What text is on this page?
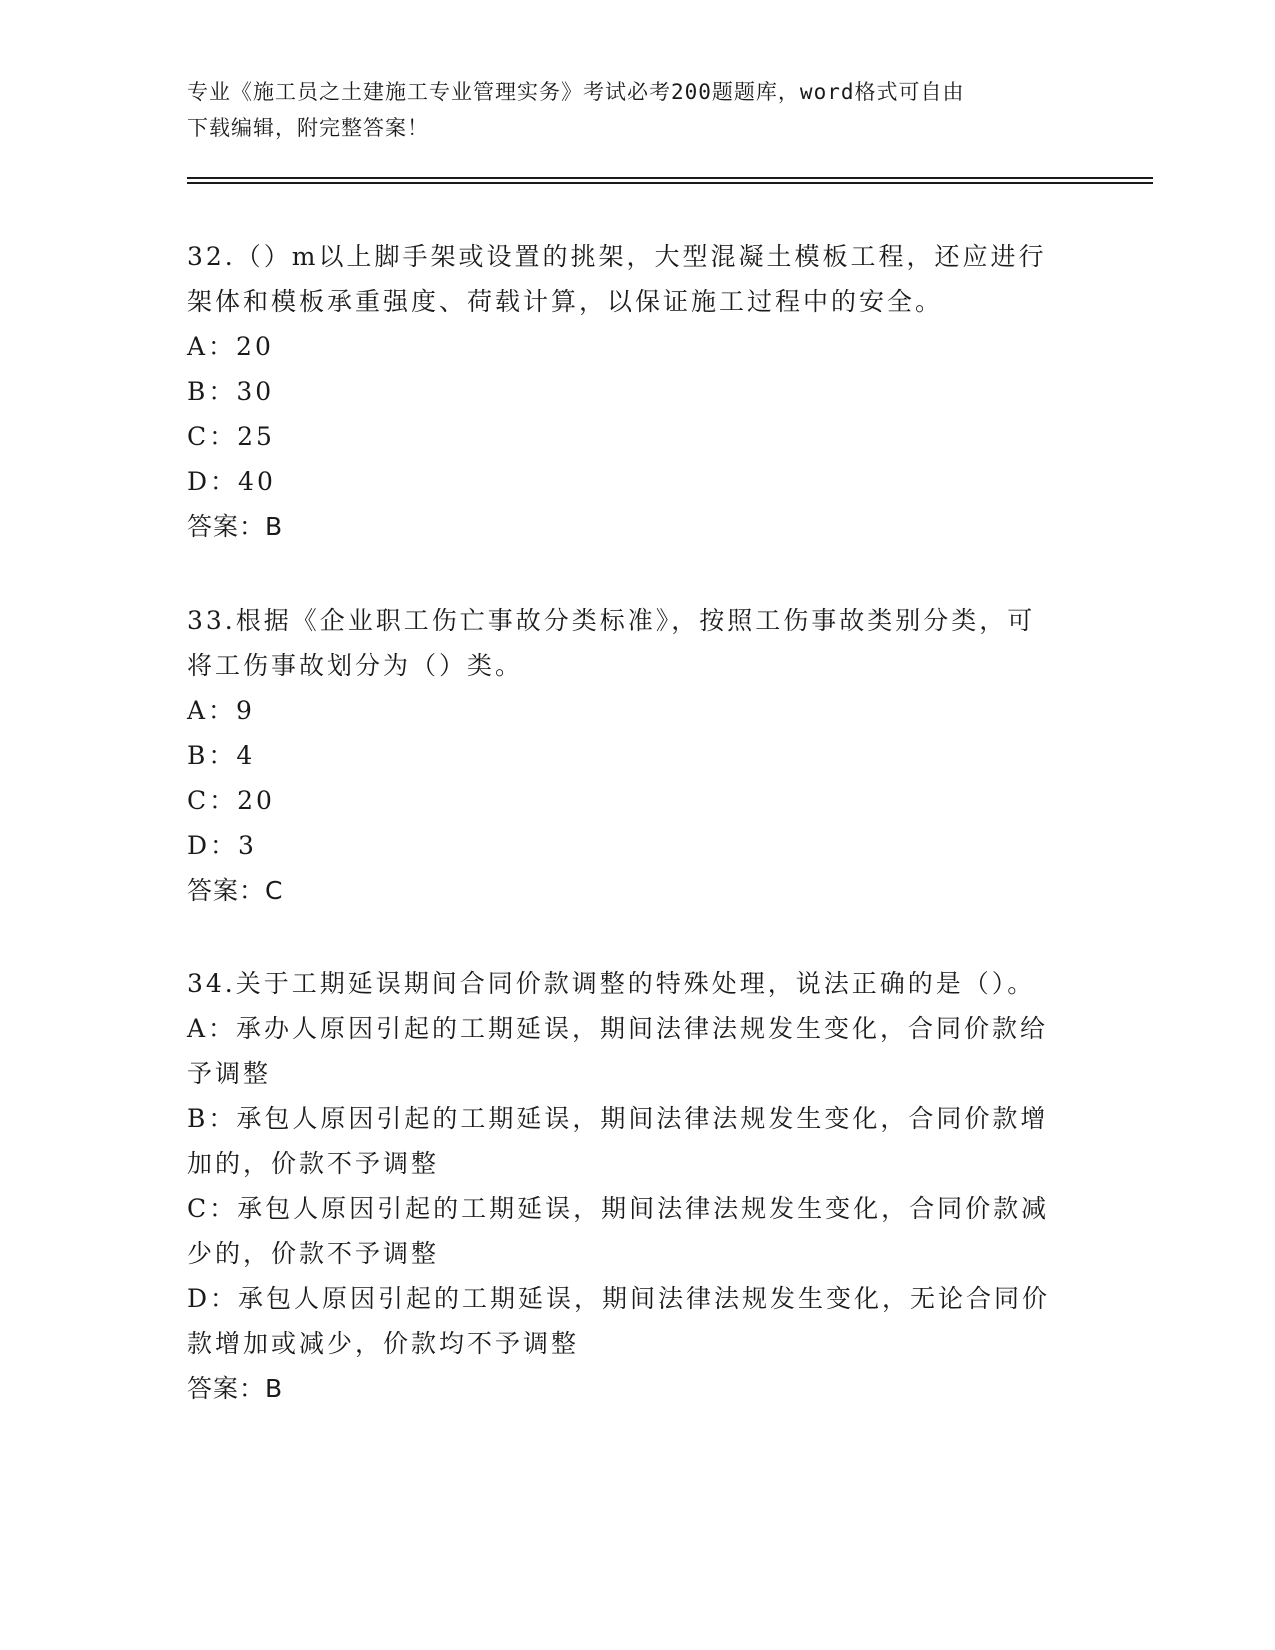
专业《施工员之土建施工专业管理实务》考试必考200题题库，word格式可自由
下载编辑，附完整答案！

32.（）m以上脚手架或设置的挑架，大型混凝土模板工程，还应进行

架体和模板承重强度、荷载计算，以保证施工过程中的安全。

A：20

B：30

C：25

D：40

答案：B

33.根据《企业职工伤亡事故分类标准》，按照工伤事故类别分类，可

将工伤事故划分为（）类。

A：9

B：4

C：20

D：3

答案：C

34.关于工期延误期间合同价款调整的特殊处理，说法正确的是（）。

A：承办人原因引起的工期延误，期间法律法规发生变化，合同价款给

予调整

B：承包人原因引起的工期延误，期间法律法规发生变化，合同价款增

加的，价款不予调整

C：承包人原因引起的工期延误，期间法律法规发生变化，合同价款减

少的，价款不予调整

D：承包人原因引起的工期延误，期间法律法规发生变化，无论合同价

款增加或减少，价款均不予调整

答案：B
